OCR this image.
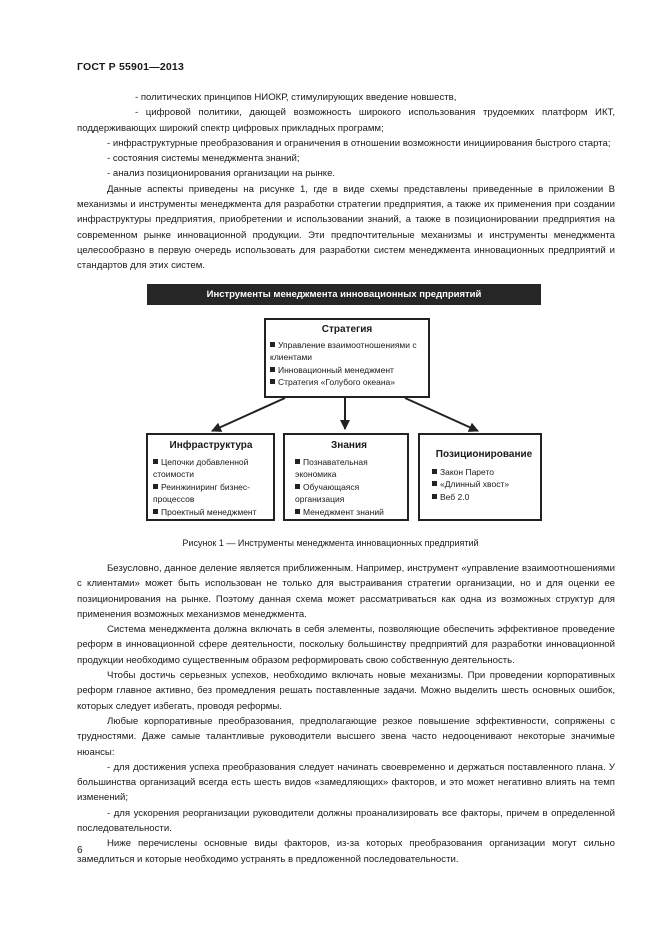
ГОСТ Р 55901—2013

- политических принципов НИОКР, стимулирующих введение новшеств,

- цифровой политики, дающей возможность широкого использования трудоемких платформ ИКТ, поддерживающих широкий спектр цифровых прикладных программ;

- инфраструктурные преобразования и ограничения в отношении возможности инициирования быстрого старта;

- состояния системы менеджмента знаний;

- анализ позиционирования организации на рынке.

Данные аспекты приведены на рисунке 1, где в виде схемы представлены приведенные в приложении В механизмы и инструменты менеджмента для разработки стратегии предприятия, а также их применения при создании инфраструктуры предприятия, приобретении и использовании знаний, а также в позиционировании предприятия на современном рынке инновационной продукции. Эти предпочтительные механизмы и инструменты менеджмента целесообразно в первую очередь использовать для разработки систем менеджмента инновационных предприятий и стандартов для этих систем.

Инструменты менеджмента инновационных предприятий
Стратегия
Управление взаимоотношениями с клиентами
Инновационный менеджмент
Стратегия «Голубого океана»
Инфраструктура
Цепочки добавленной стоимости
Реинжиниринг бизнес-процессов
Проектный менеджмент
Знания
Познавательная экономика
Обучающаяся организация
Менеджмент знаний
Позиционирование
Закон Парето
«Длинный хвост»
Веб 2.0
Рисунок 1 — Инструменты менеджмента инновационных предприятий

Безусловно, данное деление является приближенным. Например, инструмент «управление взаимоотношениями с клиентами» может быть использован не только для выстраивания стратегии организации, но и для оценки ее позиционирования на рынке. Поэтому данная схема может рассматриваться как одна из возможных структур для применения возможных механизмов менеджмента.

Система менеджмента должна включать в себя элементы, позволяющие обеспечить эффективное проведение реформ в инновационной сфере деятельности, поскольку большинству предприятий для разработки инновационной продукции необходимо существенным образом реформировать свою собственную деятельность.

Чтобы достичь серьезных успехов, необходимо включать новые механизмы. При проведении корпоративных реформ главное активно, без промедления решать поставленные задачи. Можно выделить шесть основных ошибок, которых следует избегать, проводя реформы.

Любые корпоративные преобразования, предполагающие резкое повышение эффективности, сопряжены с трудностями. Даже самые талантливые руководители высшего звена часто недооценивают некоторые значимые нюансы:

- для достижения успеха преобразования следует начинать своевременно и держаться поставленного плана. У большинства организаций всегда есть шесть видов «замедляющих» факторов, и это может негативно влиять на темп изменений;

- для ускорения реорганизации руководители должны проанализировать все факторы, причем в определенной последовательности.

Ниже перечислены основные виды факторов, из-за которых преобразования организации могут сильно замедлиться и которые необходимо устранять в предложенной последовательности.

6
